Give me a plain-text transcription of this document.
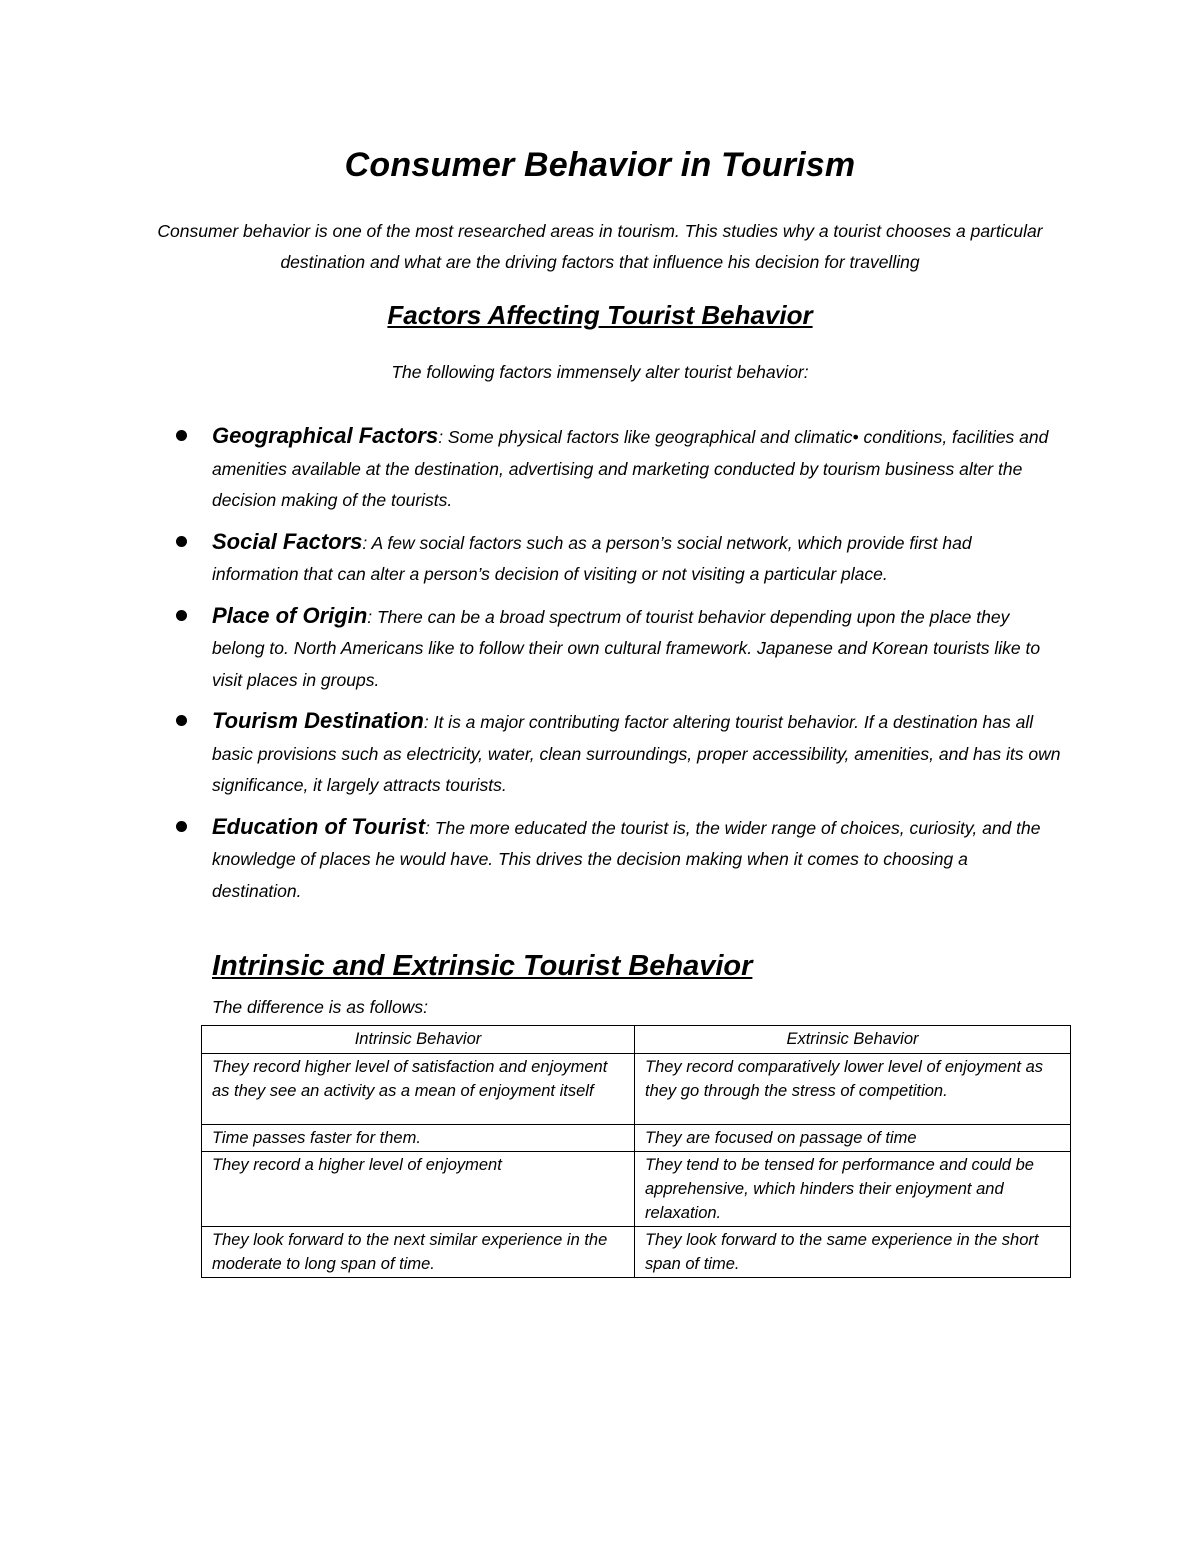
Consumer Behavior in Tourism

Consumer behavior is one of the most researched areas in tourism. This studies why a tourist chooses a particular destination and what are the driving factors that influence his decision for travelling

Factors Affecting Tourist Behavior

The following factors immensely alter tourist behavior:

Geographical Factors: Some physical factors like geographical and climatic• conditions, facilities and amenities available at the destination, advertising and marketing conducted by tourism business alter the decision making of the tourists.
Social Factors: A few social factors such as a person’s social network, which provide first had information that can alter a person’s decision of visiting or not visiting a particular place.
Place of Origin: There can be a broad spectrum of tourist behavior depending upon the place they belong to. North Americans like to follow their own cultural framework. Japanese and Korean tourists like to visit places in groups.
Tourism Destination: It is a major contributing factor altering tourist behavior. If a destination has all basic provisions such as electricity, water, clean surroundings, proper accessibility, amenities, and has its own significance, it largely attracts tourists.
Education of Tourist: The more educated the tourist is, the wider range of choices, curiosity, and the knowledge of places he would have. This drives the decision making when it comes to choosing a destination.
Intrinsic and Extrinsic Tourist Behavior

The difference is as follows:

Intrinsic Behavior	Extrinsic Behavior
They record higher level of satisfaction and enjoyment as they see an activity as a mean of enjoyment itself	They record comparatively lower level of enjoyment as they go through the stress of competition.
Time passes faster for them.	They are focused on passage of time
They record a higher level of enjoyment	They tend to be tensed for performance and could be apprehensive, which hinders their enjoyment and relaxation.
They look forward to the next similar experience in the moderate to long span of time.	They look forward to the same experience in the short span of time.
